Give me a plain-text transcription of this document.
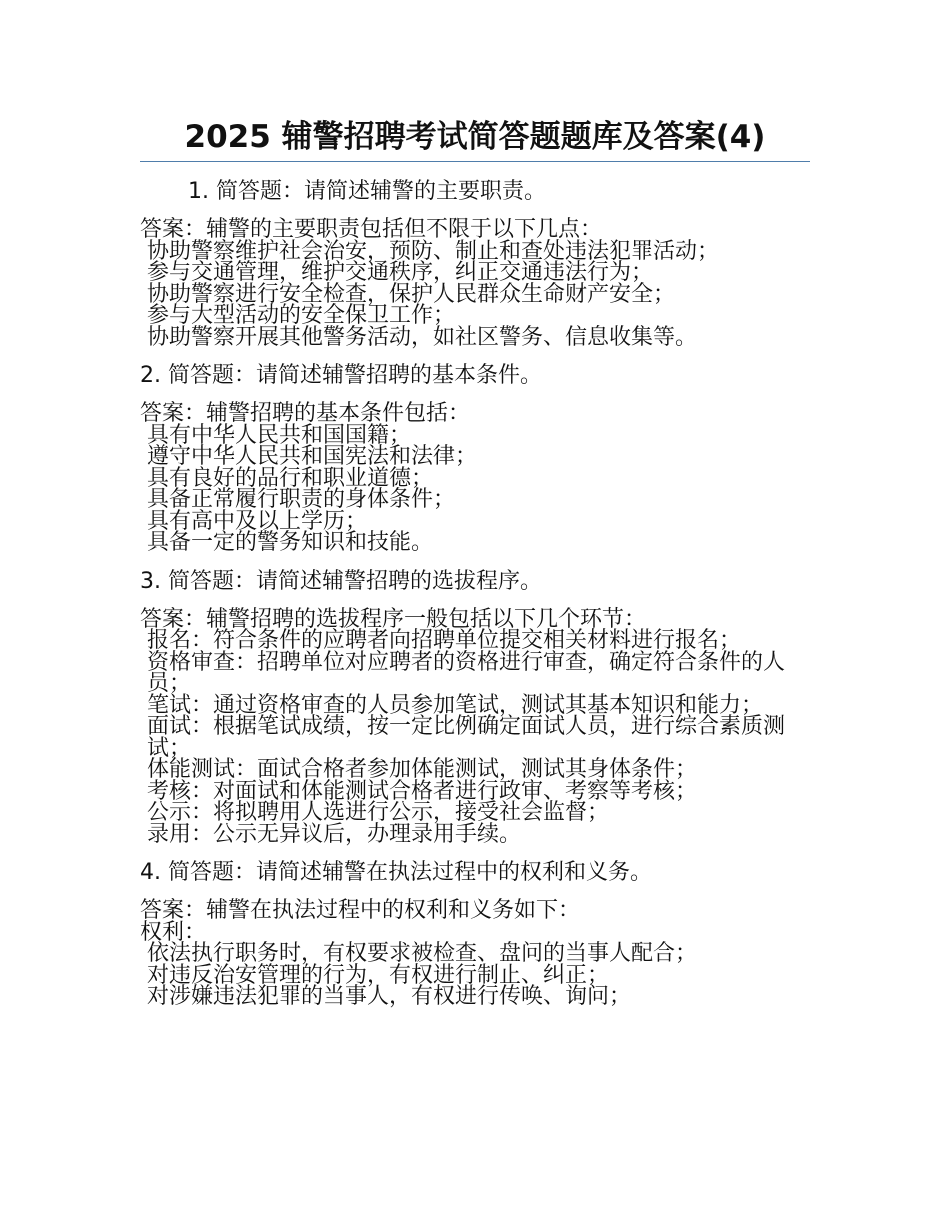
2025 辅警招聘考试简答题题库及答案(4)
1. 简答题：请简述辅警的主要职责。
答案：辅警的主要职责包括但不限于以下几点：
协助警察维护社会治安，预防、制止和查处违法犯罪活动；
参与交通管理，维护交通秩序，纠正交通违法行为；
协助警察进行安全检查，保护人民群众生命财产安全；
参与大型活动的安全保卫工作；
协助警察开展其他警务活动，如社区警务、信息收集等。
2. 简答题：请简述辅警招聘的基本条件。
答案：辅警招聘的基本条件包括：
具有中华人民共和国国籍；
遵守中华人民共和国宪法和法律；
具有良好的品行和职业道德；
具备正常履行职责的身体条件；
具有高中及以上学历；
具备一定的警务知识和技能。
3. 简答题：请简述辅警招聘的选拔程序。
答案：辅警招聘的选拔程序一般包括以下几个环节：
报名：符合条件的应聘者向招聘单位提交相关材料进行报名；
资格审查：招聘单位对应聘者的资格进行审查，确定符合条件的人员；
笔试：通过资格审查的人员参加笔试，测试其基本知识和能力；
面试：根据笔试成绩，按一定比例确定面试人员，进行综合素质测试；
体能测试：面试合格者参加体能测试，测试其身体条件；
考核：对面试和体能测试合格者进行政审、考察等考核；
公示：将拟聘用人选进行公示，接受社会监督；
录用：公示无异议后，办理录用手续。
4. 简答题：请简述辅警在执法过程中的权利和义务。
答案：辅警在执法过程中的权利和义务如下：
权利：
依法执行职务时，有权要求被检查、盘问的当事人配合；
对违反治安管理的行为，有权进行制止、纠正；
对涉嫌违法犯罪的当事人，有权进行传唤、询问；
